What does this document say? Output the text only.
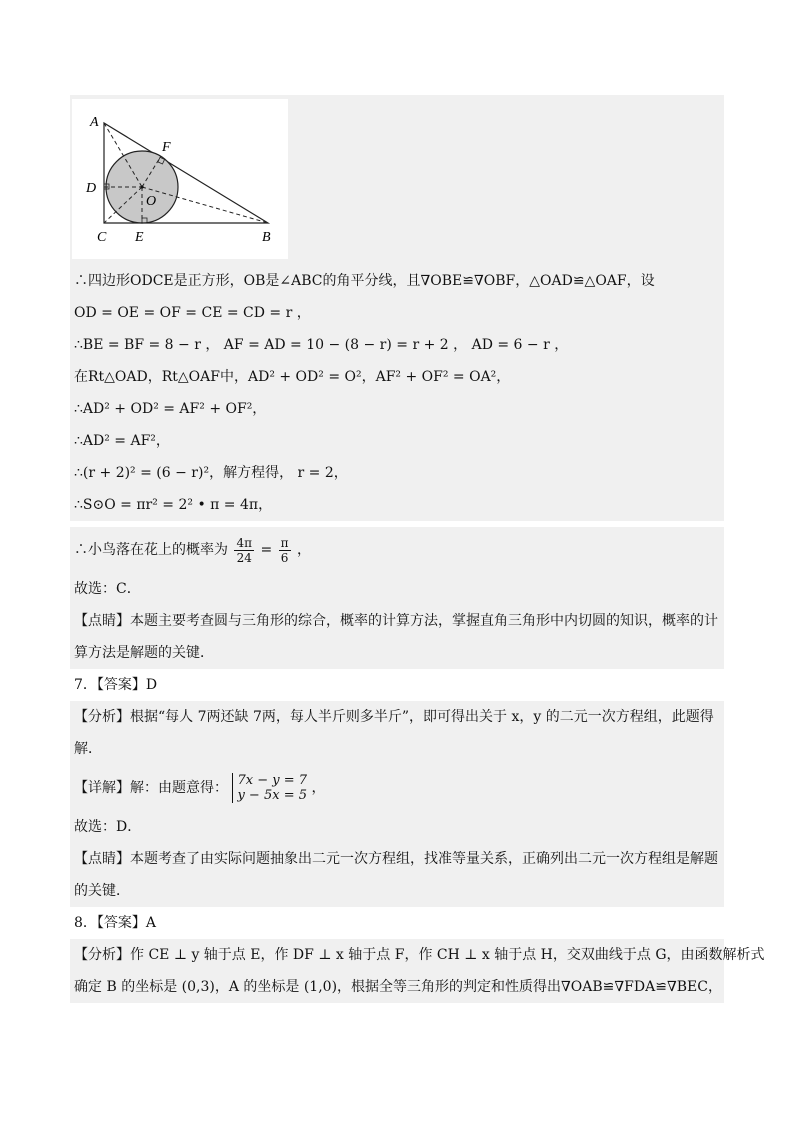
A
B
C
D
E
F
O
∴四边形ODCE是正方形，OB是∠ABC的角平分线，且∇OBE≌∇OBF，△OAD≌△OAF，设
OD = OE = OF = CE = CD = r ，
∴BE = BF = 8 − r ， AF = AD = 10 − (8 − r) = r + 2 ， AD = 6 − r ，
在Rt△OAD，Rt△OAF中，AD² + OD² = O²，AF² + OF² = OA²，
∴AD² + OD² = AF² + OF²，
∴AD² = AF²，
∴(r + 2)² = (6 − r)²，解方程得， r = 2，
∴S⊙O = πr² = 2² • π = 4π，
∴小鸟落在花上的概率为 $\frac{4\pi}{24} = \frac{\pi}{6}$ ，
故选：C．
【点睛】本题主要考查圆与三角形的综合，概率的计算方法，掌握直角三角形中内切圆的知识，概率的计
算方法是解题的关键．
7．【答案】D
【分析】根据“每人 7两还缺 7两，每人半斤则多半斤”，即可得出关于 x，y 的二元一次方程组，此题得
解．
【详解】解：由题意得： 7x − y = 7
y − 5x = 5 ，
故选：D．
【点睛】本题考查了由实际问题抽象出二元一次方程组，找准等量关系，正确列出二元一次方程组是解题
的关键．
8．【答案】A
【分析】作 CE ⊥ y 轴于点 E，作 DF ⊥ x 轴于点 F，作 CH ⊥ x 轴于点 H，交双曲线于点 G，由函数解析式
确定 B 的坐标是 (0,3)，A 的坐标是 (1,0)，根据全等三角形的判定和性质得出∇OAB≌∇FDA≌∇BEC，
